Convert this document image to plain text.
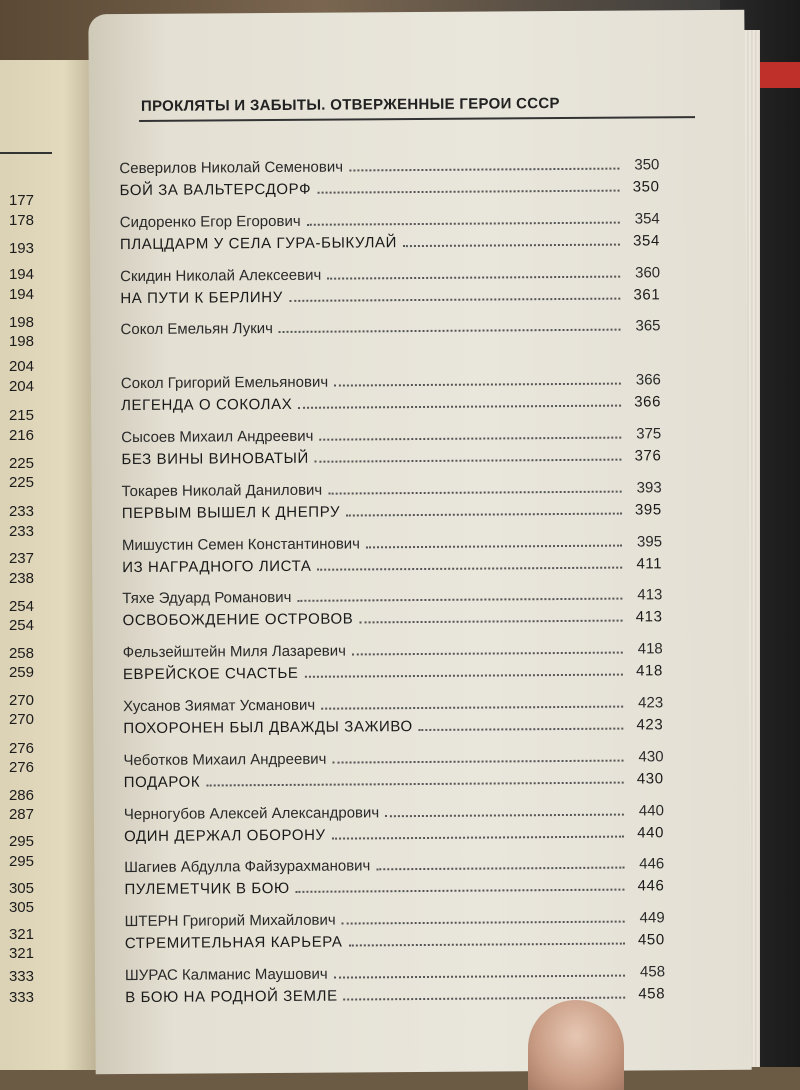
177
178
193
194
194
198
198
204
204
215
216
225
225
233
233
237
238
254
254
258
259
270
270
276
276
286
287
295
295
305
305
321
321
333
333
ПРОКЛЯТЫ И ЗАБЫТЫ. ОТВЕРЖЕННЫЕ ГЕРОИ СССР
Северилов Николай Семенович	350
БОЙ ЗА ВАЛЬТЕРСДОРФ	350
Сидоренко Егор Егорович	354
ПЛАЦДАРМ У СЕЛА ГУРА-БЫКУЛАЙ	354
Скидин Николай Алексеевич	360
НА ПУТИ К БЕРЛИНУ	361
Сокол Емельян Лукич	365
Сокол Григорий Емельянович	366
ЛЕГЕНДА О СОКОЛАХ	366
Сысоев Михаил Андреевич	375
БЕЗ ВИНЫ ВИНОВАТЫЙ	376
Токарев Николай Данилович	393
ПЕРВЫМ ВЫШЕЛ К ДНЕПРУ	395
Мишустин Семен Константинович	395
ИЗ НАГРАДНОГО ЛИСТА	411
Тяхе Эдуард Романович	413
ОСВОБОЖДЕНИЕ ОСТРОВОВ	413
Фельзейштейн Миля Лазаревич	418
ЕВРЕЙСКОЕ СЧАСТЬЕ	418
Хусанов Зиямат Усманович	423
ПОХОРОНЕН БЫЛ ДВАЖДЫ ЗАЖИВО	423
Чеботков Михаил Андреевич	430
ПОДАРОК	430
Черногубов Алексей Александрович	440
ОДИН ДЕРЖАЛ ОБОРОНУ	440
Шагиев Абдулла Файзурахманович	446
ПУЛЕМЕТЧИК В БОЮ	446
ШТЕРН Григорий Михайлович	449
СТРЕМИТЕЛЬНАЯ КАРЬЕРА	450
ШУРАС Калманис Маушович	458
В БОЮ НА РОДНОЙ ЗЕМЛЕ	458
